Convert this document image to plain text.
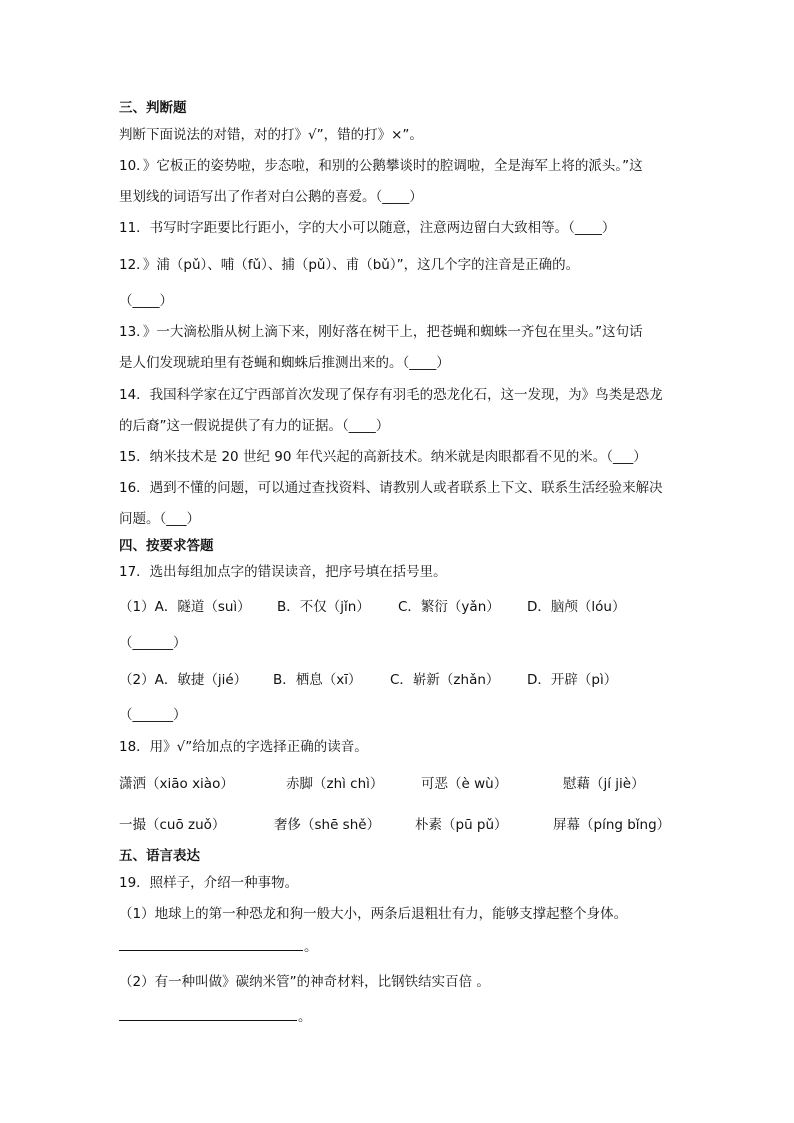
三、判断题
判断下面说法的对错，对的打》√”，错的打》×”。
10．》它板正的姿势啦，步态啦，和别的公鹅攀谈时的腔调啦，全是海军上将的派头。”这
里划线的词语写出了作者对白公鹅的喜爱。（____）
11．书写时字距要比行距小，字的大小可以随意，注意两边留白大致相等。（____）
12．》浦（pǔ）、哺（fǔ）、捕（pǔ）、甫（bǔ）”，这几个字的注音是正确的。
（____）
13．》一大滴松脂从树上滴下来，刚好落在树干上，把苍蝇和蜘蛛一齐包在里头。”这句话
是人们发现琥珀里有苍蝇和蜘蛛后推测出来的。（____）
14．我国科学家在辽宁西部首次发现了保存有羽毛的恐龙化石，这一发现，为》鸟类是恐龙
的后裔”这一假说提供了有力的证据。（____）
15．纳米技术是 20 世纪 90 年代兴起的高新技术。纳米就是肉眼都看不见的米。（___）
16．遇到不懂的问题，可以通过查找资料、请教别人或者联系上下文、联系生活经验来解决
问题。（___）
四、按要求答题
17．选出每组加点字的错误读音，把序号填在括号里。
（1）A．隧道（suì） B．不仅（jǐn） C．繁衍（yǎn） D．脑颅（lóu）
（______）
（2）A．敏捷（jié） B．栖息（xī） C．崭新（zhǎn） D．开辟（pì）
（______）
18．用》√”给加点的字选择正确的读音。
潇洒（xiāo xiào）	赤脚（zhì chì）	可恶（è wù）	慰藉（jí jiè）
一撮（cuō zuǒ）	奢侈（shē shě）	朴素（pū pǔ）	屏幕（píng bǐng）
五、语言表达
19．照样子，介绍一种事物。
（1）地球上的第一种恐龙和狗一般大小，两条后退粗壮有力，能够支撑起整个身体。
。
（2）有一种叫做》碳纳米管”的神奇材料，比钢铁结实百倍 。
。
